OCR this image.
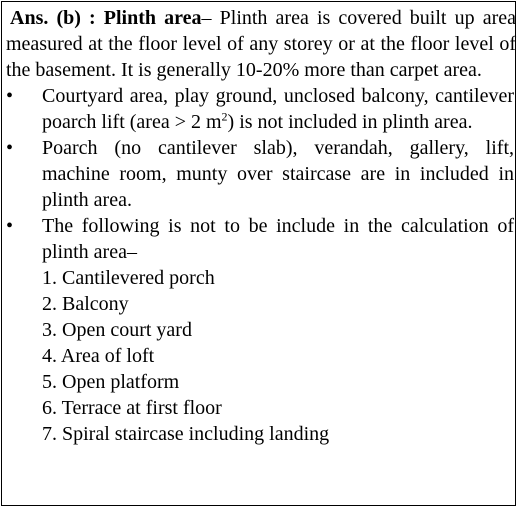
Ans. (b) : Plinth area– Plinth area is covered built up area measured at the floor level of any storey or at the floor level of the basement. It is generally 10-20% more than carpet area.

•	Courtyard area, play ground, unclosed balcony, cantilever poarch lift (area > 2 $m^2$) is not included in plinth area.
•	Poarch (no cantilever slab), verandah, gallery, lift, machine room, munty over staircase are in included in plinth area.
•	The following is not to be include in the calculation of plinth area–
1. Cantilevered porch
2. Balcony
3. Open court yard
4. Area of loft
5. Open platform
6. Terrace at first floor
7. Spiral staircase including landing
